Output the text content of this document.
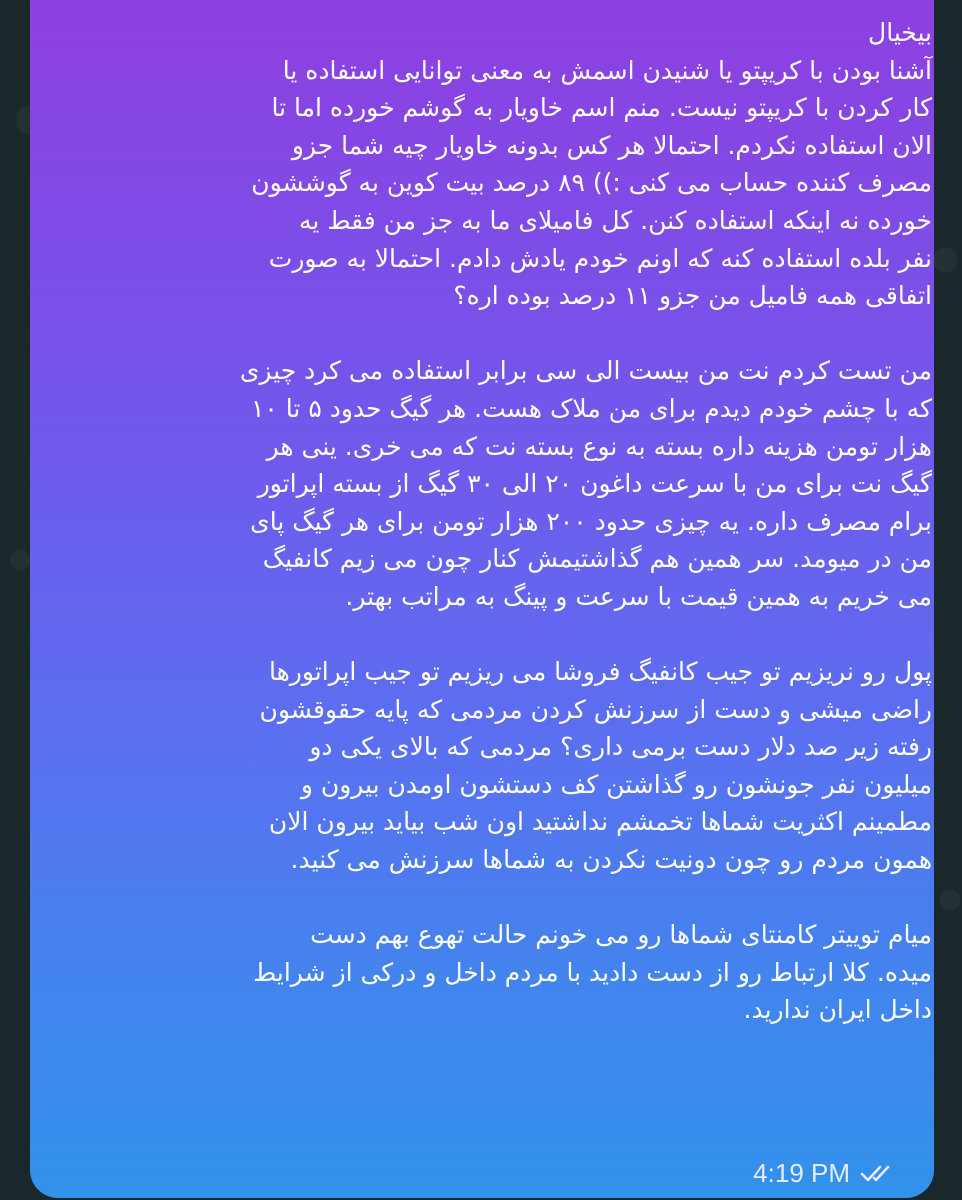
بیخیال
آشنا بودن با کریپتو یا شنیدن اسمش به معنی توانایی استفاده یا
کار کردن با کریپتو نیست. منم اسم خاویار به گوشم خورده اما تا
الان استفاده نکردم. احتمالا هر کس بدونه خاویار چیه شما جزو
مصرف کننده حساب می کنی :)) ۸۹ درصد بیت کوین به گوششون
خورده نه اینکه استفاده کنن. کل فامیلای ما به جز من فقط یه
نفر بلده استفاده کنه که اونم خودم یادش دادم. احتمالا به صورت
اتفاقی همه فامیل من جزو ۱۱ درصد بوده اره؟
من تست کردم نت من بیست الی سی برابر استفاده می کرد چیزی
که با چشم خودم دیدم برای من ملاک هست. هر گیگ حدود ۵ تا ۱۰
هزار تومن هزینه داره بسته به نوع بسته نت که می خری. ینی هر
گیگ نت برای من با سرعت داغون ۲۰ الی ۳۰ گیگ از بسته اپراتور
برام مصرف داره. یه چیزی حدود ۲۰۰ هزار تومن برای هر گیگ پای
من در میومد. سر همین هم گذاشتیمش کنار چون می زیم کانفیگ
می خریم به همین قیمت با سرعت و پینگ به مراتب بهتر.
پول رو نریزیم تو جیب کانفیگ فروشا می ریزیم تو جیب اپراتورها
راضی میشی و دست از سرزنش کردن مردمی که پایه حقوقشون
رفته زیر صد دلار دست برمی داری؟ مردمی که بالای یکی دو
میلیون نفر جونشون رو گذاشتن کف دستشون اومدن بیرون و
مطمینم اکثریت شماها تخمشم نداشتید اون شب بیاید بیرون الان
همون مردم رو چون دونیت نکردن به شماها سرزنش می کنید.
میام توییتر کامنتای شماها رو می خونم حالت تهوع بهم دست
میده. کلا ارتباط رو از دست دادید با مردم داخل و درکی از شرایط
داخل ایران ندارید.
4:19 PM
